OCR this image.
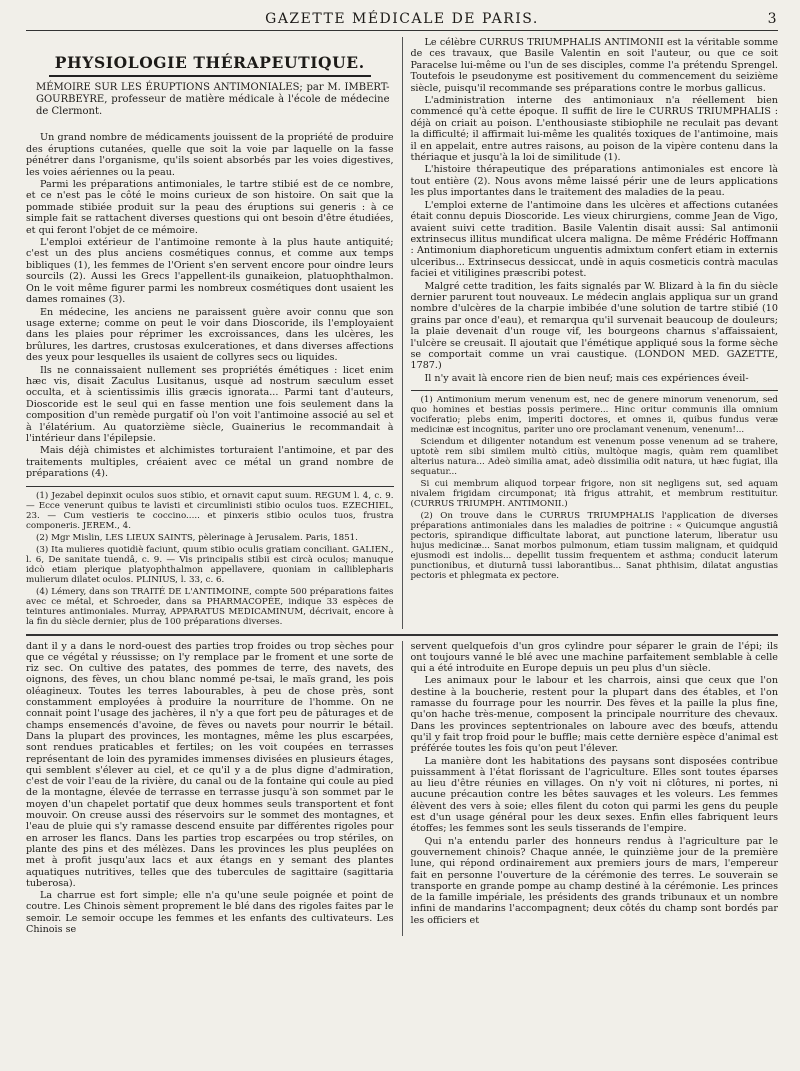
GAZETTE MÉDICALE DE PARIS.	3
PHYSIOLOGIE THÉRAPEUTIQUE.
MÉMOIRE SUR LES ÉRUPTIONS ANTIMONIALES; par M. IMBERT-GOURBEYRE, professeur de matière médicale à l'école de médecine de Clermont.

Un grand nombre de médicaments jouissent de la propriété de produire des éruptions cutanées, quelle que soit la voie par laquelle on la fasse pénétrer dans l'organisme, qu'ils soient absorbés par les voies digestives, les voies aériennes ou la peau.

Parmi les préparations antimoniales, le tartre stibié est de ce nombre, et ce n'est pas le côté le moins curieux de son histoire. On sait que la pommade stibiée produit sur la peau des éruptions sui generis : à ce simple fait se rattachent diverses questions qui ont besoin d'être étudiées, et qui feront l'objet de ce mémoire.

L'emploi extérieur de l'antimoine remonte à la plus haute antiquité; c'est un des plus anciens cosmétiques connus, et comme aux temps bibliques (1), les femmes de l'Orient s'en servent encore pour oindre leurs sourcils (2). Aussi les Grecs l'appellent-ils gunaikeion, platuophthalmon. On le voit même figurer parmi les nombreux cosmétiques dont usaient les dames romaines (3).

En médecine, les anciens ne paraissent guère avoir connu que son usage externe; comme on peut le voir dans Dioscoride, ils l'employaient dans les plaies pour réprimer les excroissances, dans les ulcères, les brûlures, les dartres, crustosas exulcerationes, et dans diverses affections des yeux pour lesquelles ils usaient de collyres secs ou liquides.

Ils ne connaissaient nullement ses propriétés émétiques : licet enim hæc vis, disait Zaculus Lusitanus, usquè ad nostrum sæculum esset occulta, et à scientissimis illis græcis ignorata... Parmi tant d'auteurs, Dioscoride est le seul qui en fasse mention une fois seulement dans la composition d'un remède purgatif où l'on voit l'antimoine associé au sel et à l'élatérium. Au quatorzième siècle, Guainerius le recommandait à l'intérieur dans l'épilepsie.

Mais déjà chimistes et alchimistes torturaient l'antimoine, et par des traitements multiples, créaient avec ce métal un grand nombre de préparations (4).

(1) Jezabel depinxit oculos suos stibio, et ornavit caput suum. REGUM l. 4, c. 9. — Ecce venerunt quibus te lavisti et circumlinisti stibio oculos tuos. EZECHIEL, 23. — Cum vestieris te coccino..... et pinxeris stibio oculos tuos, frustra componeris. JEREM., 4.

(2) Mgr Mislin, LES LIEUX SAINTS, pèlerinage à Jerusalem. Paris, 1851.

(3) Ita mulieres quotidiè faciunt, quum stibio oculis gratiam conciliant. GALIEN., l. 6, De sanitate tuendâ, c. 9. — Vis principalis stibii est circà oculos; manuque idcò etiam plerique platyophthalmon appellavere, quoniam in calliblepharis mulierum dilatet oculos. PLINIUS, l. 33, c. 6.

(4) Lémery, dans son TRAITÉ DE L'ANTIMOINE, compte 500 préparations faites avec ce métal, et Schroeder, dans sa PHARMACOPÉE, indique 33 espèces de teintures antimoniales. Murray, APPARATUS MEDICAMINUM, décrivait, encore à la fin du siècle dernier, plus de 100 préparations diverses.

Le célèbre CURRUS TRIUMPHALIS ANTIMONII est la véritable somme de ces travaux, que Basile Valentin en soit l'auteur, ou que ce soit Paracelse lui-même ou l'un de ses disciples, comme l'a prétendu Sprengel. Toutefois le pseudonyme est positivement du commencement du seizième siècle, puisqu'il recommande ses préparations contre le morbus gallicus.

L'administration interne des antimoniaux n'a réellement bien commencé qu'à cette époque. Il suffit de lire le CURRUS TRIUMPHALIS : déjà on criait au poison. L'enthousiaste stibiophile ne reculait pas devant la difficulté; il affirmait lui-même les qualités toxiques de l'antimoine, mais il en appelait, entre autres raisons, au poison de la vipère contenu dans la thériaque et jusqu'à la loi de similitude (1).

L'histoire thérapeutique des préparations antimoniales est encore là tout entière (2). Nous avons même laissé périr une de leurs applications les plus importantes dans le traitement des maladies de la peau.

L'emploi externe de l'antimoine dans les ulcères et affections cutanées était connu depuis Dioscoride. Les vieux chirurgiens, comme Jean de Vigo, avaient suivi cette tradition. Basile Valentin disait aussi: Sal antimonii extrinsecus illitus mundificat ulcera maligna. De même Frédéric Hoffmann : Antimonium diaphoreticum unguentis admixtum confert etiam in externis ulceribus... Extrinsecus dessiccat, undè in aquis cosmeticis contrà maculas faciei et vitiligines præscribi potest.

Malgré cette tradition, les faits signalés par W. Blizard à la fin du siècle dernier parurent tout nouveaux. Le médecin anglais appliqua sur un grand nombre d'ulcères de la charpie imbibée d'une solution de tartre stibié (10 grains par once d'eau), et remarqua qu'il survenait beaucoup de douleurs; la plaie devenait d'un rouge vif, les bourgeons charnus s'affaissaient, l'ulcère se creusait. Il ajoutait que l'émétique appliqué sous la forme sèche se comportait comme un vrai caustique. (LONDON MED. GAZETTE, 1787.)

Il n'y avait là encore rien de bien neuf; mais ces expériences éveil-

(1) Antimonium merum venenum est, nec de genere minorum venenorum, sed quo homines et bestias possis perimere... Hinc oritur communis illa omnium vociferatio; plebs enim, imperiti doctores, et omnes ii, quibus fundus veræ medicinæ est incognitus, pariter uno ore proclamant venenum, venenum!...

Sciendum et diligenter notandum est venenum posse venenum ad se trahere, uptotè rem sibi similem multò citiùs, multòque magis, quàm rem quamlibet alterius natura... Adeò similia amat, adeò dissimilia odit natura, ut hæc fugiat, illa sequatur...

Si cui membrum aliquod torpear frigore, non sit negligens sut, sed aquam nivalem frigidam circumponat; ità frigus attrahit, et membrum restituitur. (CURRUS TRIUMPH. ANTIMONII.)

(2) On trouve dans le CURRUS TRIUMPHALIS l'application de diverses préparations antimoniales dans les maladies de poitrine : « Quicumque angustiâ pectoris, spirandique difficultate laborat, aut punctione laterum, liberatur usu hujus medicinæ... Sanat morbos pulmonum, etiam tussim malignam, et quidquid ejusmodi est indolis... depellit tussim frequentem et asthma; conducit laterum punctionibus, et diuturnâ tussi laborantibus... Sanat phthisim, dilatat angustias pectoris et phlegmata ex pectore.

dant il y a dans le nord-ouest des parties trop froides ou trop sèches pour que ce végétal y réussisse; on l'y remplace par le froment et une sorte de riz sec. On cultive des patates, des pommes de terre, des navets, des oignons, des fèves, un chou blanc nommé pe-tsai, le maïs grand, les pois oléagineux. Toutes les terres labourables, à peu de chose près, sont constamment employées à produire la nourriture de l'homme. On ne connait point l'usage des jachères, il n'y a que fort peu de pâturages et de champs ensemencés d'avoine, de fèves ou navets pour nourrir le bétail. Dans la plupart des provinces, les montagnes, même les plus escarpées, sont rendues praticables et fertiles; on les voit coupées en terrasses représentant de loin des pyramides immenses divisées en plusieurs étages, qui semblent s'élever au ciel, et ce qu'il y a de plus digne d'admiration, c'est de voir l'eau de la rivière, du canal ou de la fontaine qui coule au pied de la montagne, élevée de terrasse en terrasse jusqu'à son sommet par le moyen d'un chapelet portatif que deux hommes seuls transportent et font mouvoir. On creuse aussi des réservoirs sur le sommet des montagnes, et l'eau de pluie qui s'y ramasse descend ensuite par différentes rigoles pour en arroser les flancs. Dans les parties trop escarpées ou trop stériles, on plante des pins et des mélèzes. Dans les provinces les plus peuplées on met à profit jusqu'aux lacs et aux étangs en y semant des plantes aquatiques nutritives, telles que des tubercules de sagittaire (sagittaria tuberosa).

La charrue est fort simple; elle n'a qu'une seule poignée et point de coutre. Les Chinois sèment proprement le blé dans des rigoles faites par le semoir. Le semoir occupe les femmes et les enfants des cultivateurs. Les Chinois se

servent quelquefois d'un gros cylindre pour séparer le grain de l'épi; ils ont toujours vanné le blé avec une machine parfaitement semblable à celle qui a été introduite en Europe depuis un peu plus d'un siècle.

Les animaux pour le labour et les charrois, ainsi que ceux que l'on destine à la boucherie, restent pour la plupart dans des étables, et l'on ramasse du fourrage pour les nourrir. Des fèves et la paille la plus fine, qu'on hache très-menue, composent la principale nourriture des chevaux. Dans les provinces septentrionales on laboure avec des bœufs, attendu qu'il y fait trop froid pour le buffle; mais cette dernière espèce d'animal est préférée toutes les fois qu'on peut l'élever.

La manière dont les habitations des paysans sont disposées contribue puissamment à l'état florissant de l'agriculture. Elles sont toutes éparses au lieu d'être réunies en villages. On n'y voit ni clôtures, ni portes, ni aucune précaution contre les bêtes sauvages et les voleurs. Les femmes élèvent des vers à soie; elles filent du coton qui parmi les gens du peuple est d'un usage général pour les deux sexes. Enfin elles fabriquent leurs étoffes; les femmes sont les seuls tisserands de l'empire.

Qui n'a entendu parler des honneurs rendus à l'agriculture par le gouvernement chinois? Chaque année, le quinzième jour de la première lune, qui répond ordinairement aux premiers jours de mars, l'empereur fait en personne l'ouverture de la cérémonie des terres. Le souverain se transporte en grande pompe au champ destiné à la cérémonie. Les princes de la famille impériale, les présidents des grands tribunaux et un nombre infini de mandarins l'accompagnent; deux côtés du champ sont bordés par les officiers et
